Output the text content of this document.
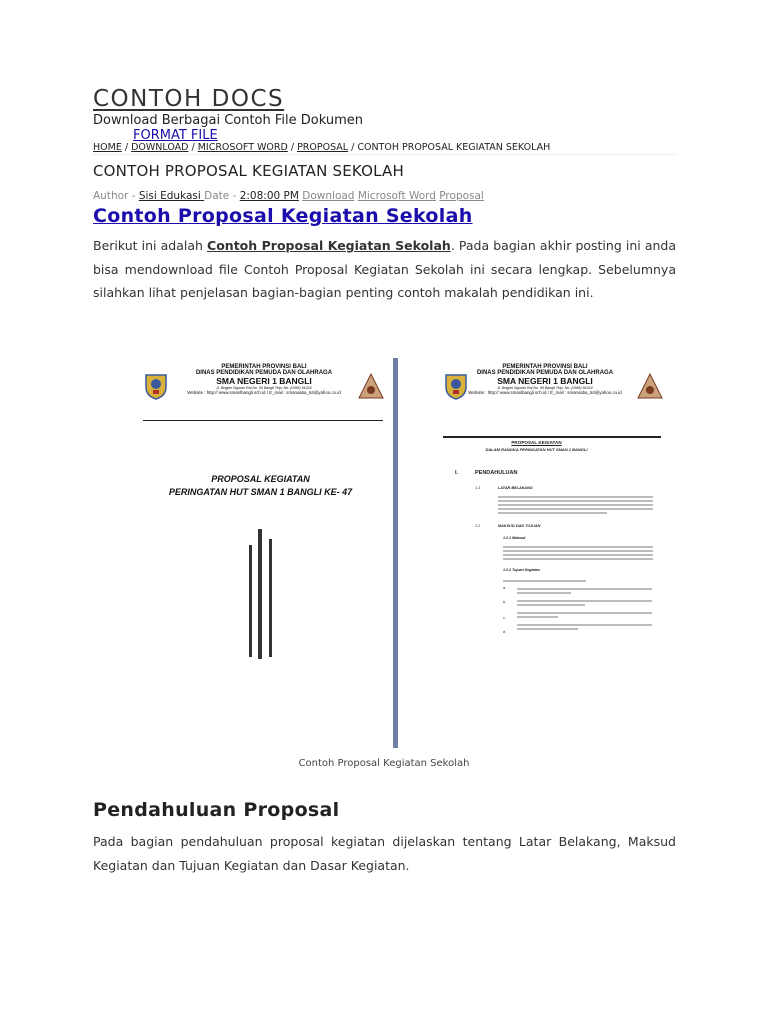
CONTOH DOCS
Download Berbagai Contoh File Dokumen
FORMAT FILE
HOME / DOWNLOAD / MICROSOFT WORD / PROPOSAL / CONTOH PROPOSAL KEGIATAN SEKOLAH
CONTOH PROPOSAL KEGIATAN SEKOLAH
Author - Sisi Edukasi Date - 2:08:00 PM Download Microsoft Word Proposal
Contoh Proposal Kegiatan Sekolah
Berikut ini adalah Contoh Proposal Kegiatan Sekolah. Pada bagian akhir posting ini anda bisa mendownload file Contoh Proposal Kegiatan Sekolah ini secara lengkap. Sebelumnya silahkan lihat penjelasan bagian-bagian penting contoh makalah pendidikan ini.
PEMERINTAH PROVINSI BALI
DINAS PENDIDIKAN PEMUDA DAN OLAHRAGA
SMA NEGERI 1 BANGLI
Jl. Brigjen Ngurah Rai No. 56 Bangli Telp. No. (0366) 91024
Website : http:// www.smanlbangli.sch.id / E_mail : smansaba_84@yahoo.co.id
PROPOSAL KEGIATAN
PERINGATAN HUT SMAN 1 BANGLI KE- 47
PEMERINTAH PROVINSI BALI
DINAS PENDIDIKAN PEMUDA DAN OLAHRAGA
SMA NEGERI 1 BANGLI
Jl. Brigjen Ngurah Rai No. 56 Bangli Telp. No. (0366) 91024
Website : http:// www.smanlbangli.sch.id / E_mail : smansaba_84@yahoo.co.id
PROPOSAL KEGIATAN
DALAM RANGKA PERINGATAN HUT SMAN 1 BANGLI
I.	PENDAHULUAN
1.1	LATAR BELAKANG
1.2	MAKSUD DAN TUJUAN
1.2.1 Maksud
1.2.2 Tujuan Kegiatan
a.
b.
c.
d.
Contoh Proposal Kegiatan Sekolah
Pendahuluan Proposal
Pada bagian pendahuluan proposal kegiatan dijelaskan tentang Latar Belakang, Maksud Kegiatan dan Tujuan Kegiatan dan Dasar Kegiatan.
